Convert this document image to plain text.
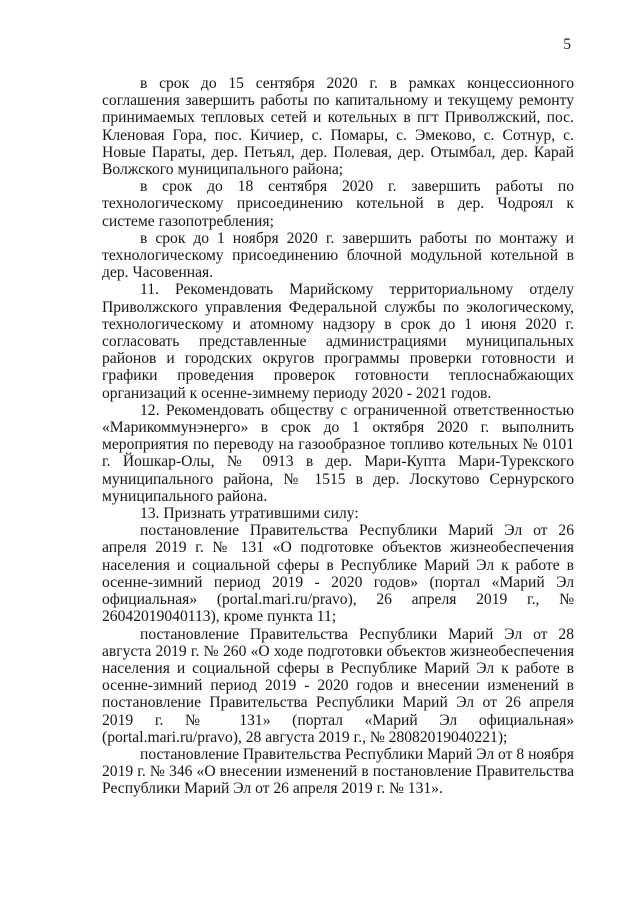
5

в срок до 15 сентября 2020 г. в рамках концессионного соглашения завершить работы по капитальному и текущему ремонту принимаемых тепловых сетей и котельных в пгт Приволжский, пос. Кленовая Гора, пос. Кичиер, с. Помары, с. Эмеково, с. Сотнур, с. Новые Параты, дер. Петьял, дер. Полевая, дер. Отымбал, дер. Карай Волжского муниципального района;

в срок до 18 сентября 2020 г. завершить работы по технологическому присоединению котельной в дер. Чодроял к системе газопотребления;

в срок до 1 ноября 2020 г. завершить работы по монтажу и технологическому присоединению блочной модульной котельной в дер. Часовенная.

11. Рекомендовать Марийскому территориальному отделу Приволжского управления Федеральной службы по экологическому, технологическому и атомному надзору в срок до 1 июня 2020 г. согласовать представленные администрациями муниципальных районов и городских округов программы проверки готовности и графики проведения проверок готовности теплоснабжающих организаций к осенне-зимнему периоду 2020 - 2021 годов.

12. Рекомендовать обществу с ограниченной ответственностью «Марикоммунэнерго» в срок до 1 октября 2020 г. выполнить мероприятия по переводу на газообразное топливо котельных № 0101 г. Йошкар-Олы, № 0913 в дер. Мари-Купта Мари-Турекского муниципального района, № 1515 в дер. Лоскутово Сернурского муниципального района.

13. Признать утратившими силу:

постановление Правительства Республики Марий Эл от 26 апреля 2019 г. № 131 «О подготовке объектов жизнеобеспечения населения и социальной сферы в Республике Марий Эл к работе в осенне-зимний период 2019 - 2020 годов» (портал «Марий Эл официальная» (portal.mari.ru/pravo), 26 апреля 2019 г., № 26042019040113), кроме пункта 11;

постановление Правительства Республики Марий Эл от 28 августа 2019 г. № 260 «О ходе подготовки объектов жизнеобеспечения населения и социальной сферы в Республике Марий Эл к работе в осенне-зимний период 2019 - 2020 годов и внесении изменений в постановление Правительства Республики Марий Эл от 26 апреля 2019 г. № 131» (портал «Марий Эл официальная» (portal.mari.ru/pravo), 28 августа 2019 г., № 28082019040221);

постановление Правительства Республики Марий Эл от 8 ноября 2019 г. № 346 «О внесении изменений в постановление Правительства Республики Марий Эл от 26 апреля 2019 г. № 131».
